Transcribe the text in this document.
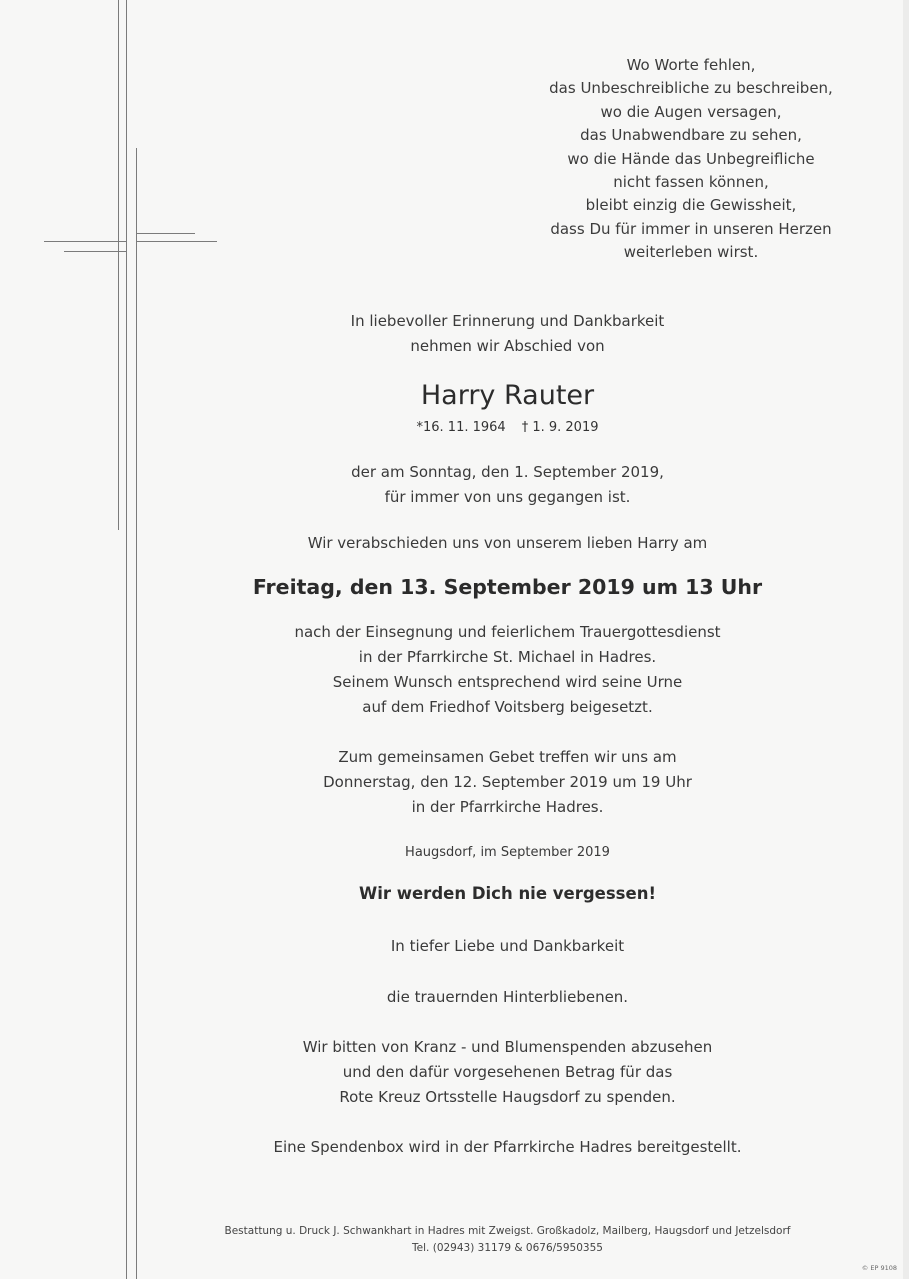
Wo Worte fehlen,
das Unbeschreibliche zu beschreiben,
wo die Augen versagen,
das Unabwendbare zu sehen,
wo die Hände das Unbegreifliche
nicht fassen können,
bleibt einzig die Gewissheit,
dass Du für immer in unseren Herzen
weiterleben wirst.
In liebevoller Erinnerung und Dankbarkeit
nehmen wir Abschied von
Harry Rauter
*16. 11. 1964 † 1. 9. 2019
der am Sonntag, den 1. September 2019,
für immer von uns gegangen ist.
Wir verabschieden uns von unserem lieben Harry am
Freitag, den 13. September 2019 um 13 Uhr
nach der Einsegnung und feierlichem Trauergottesdienst
in der Pfarrkirche St. Michael in Hadres.
Seinem Wunsch entsprechend wird seine Urne
auf dem Friedhof Voitsberg beigesetzt.
Zum gemeinsamen Gebet treffen wir uns am
Donnerstag, den 12. September 2019 um 19 Uhr
in der Pfarrkirche Hadres.
Haugsdorf, im September 2019
Wir werden Dich nie vergessen!
In tiefer Liebe und Dankbarkeit
die trauernden Hinterbliebenen.
Wir bitten von Kranz - und Blumenspenden abzusehen
und den dafür vorgesehenen Betrag für das
Rote Kreuz Ortsstelle Haugsdorf zu spenden.
Eine Spendenbox wird in der Pfarrkirche Hadres bereitgestellt.
Bestattung u. Druck J. Schwankhart in Hadres mit Zweigst. Großkadolz, Mailberg, Haugsdorf und Jetzelsdorf
Tel. (02943) 31179 & 0676/5950355
© EP 9108
